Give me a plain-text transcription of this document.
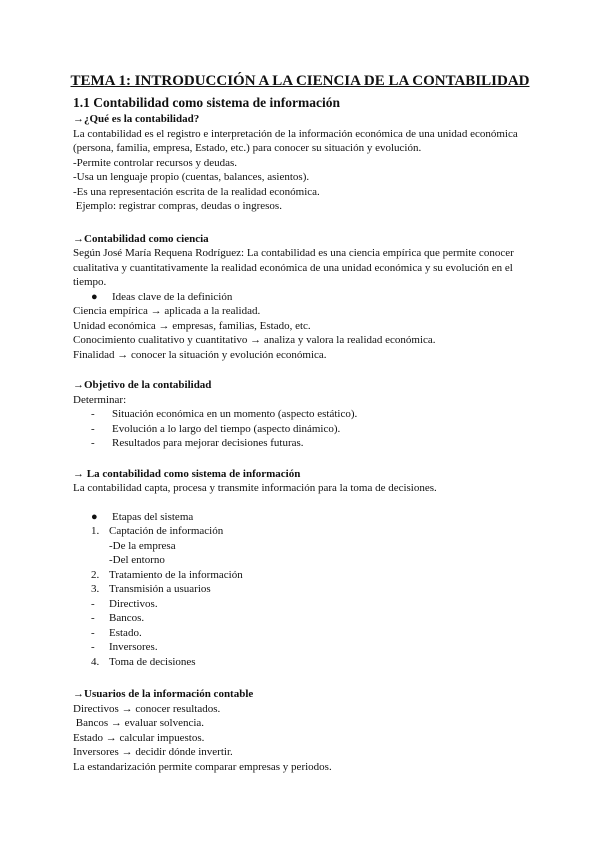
TEMA 1: INTRODUCCIÓN A LA CIENCIA DE LA CONTABILIDAD
1.1 Contabilidad como sistema de información
→¿Qué es la contabilidad?
La contabilidad es el registro e interpretación de la información económica de una unidad económica
(persona, familia, empresa, Estado, etc.) para conocer su situación y evolución.
-Permite controlar recursos y deudas.
-Usa un lenguaje propio (cuentas, balances, asientos).
-Es una representación escrita de la realidad económica.
Ejemplo: registrar compras, deudas o ingresos.
→Contabilidad como ciencia
Según José María Requena Rodríguez: La contabilidad es una ciencia empírica que permite conocer
cualitativa y cuantitativamente la realidad económica de una unidad económica y su evolución en el
tiempo.
●	Ideas clave de la definición
Ciencia empírica → aplicada a la realidad.
Unidad económica → empresas, familias, Estado, etc.
Conocimiento cualitativo y cuantitativo → analiza y valora la realidad económica.
Finalidad → conocer la situación y evolución económica.
→Objetivo de la contabilidad
Determinar:
-	Situación económica en un momento (aspecto estático).
-	Evolución a lo largo del tiempo (aspecto dinámico).
-	Resultados para mejorar decisiones futuras.
→ La contabilidad como sistema de información
La contabilidad capta, procesa y transmite información para la toma de decisiones.
●	Etapas del sistema
1. Captación de información
-De la empresa
-Del entorno
2. Tratamiento de la información
3. Transmisión a usuarios
-	Directivos.
-	Bancos.
-	Estado.
-	Inversores.
4. Toma de decisiones
→Usuarios de la información contable
Directivos → conocer resultados.
Bancos → evaluar solvencia.
Estado → calcular impuestos.
Inversores → decidir dónde invertir.
La estandarización permite comparar empresas y periodos.
